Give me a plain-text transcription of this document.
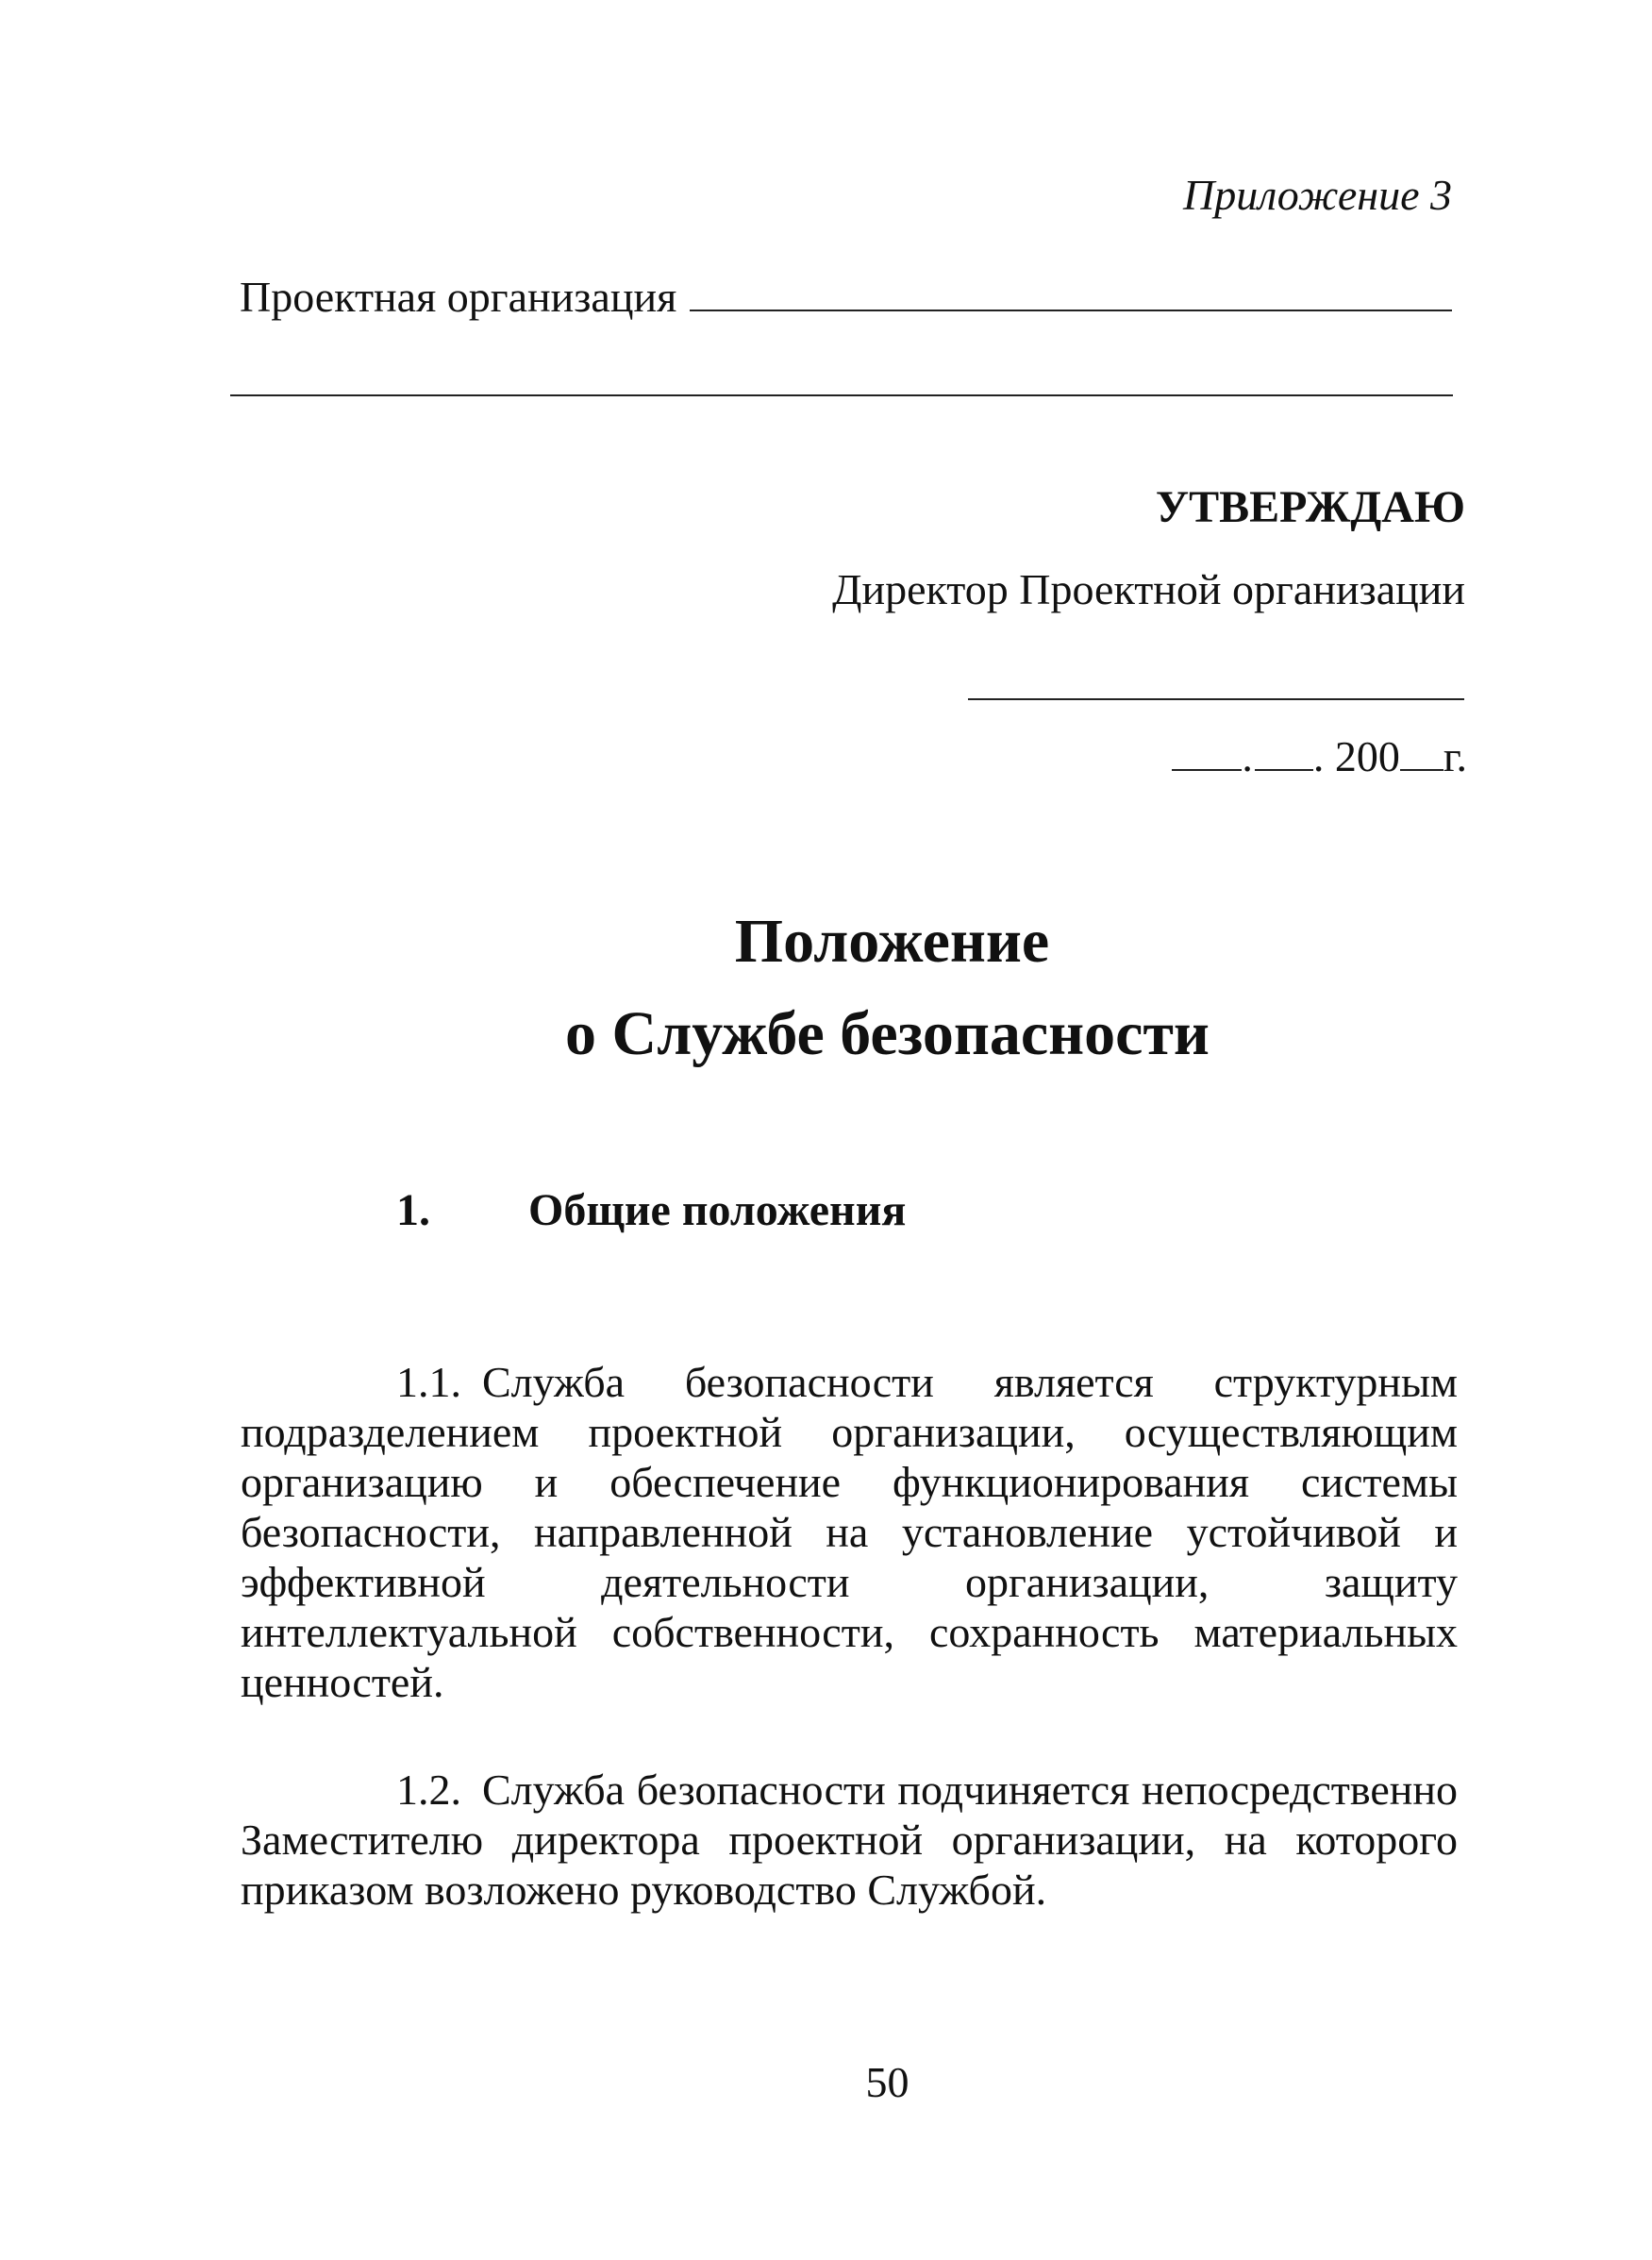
Приложение 3
Проектная организация
УТВЕРЖДАЮ
Директор Проектной организации
. . 200 г.
Положение
о Службе безопасности
1.	Общие положения

1.1. Служба безопасности является структурным подразделением проектной организации, осуществляющим организацию и обеспечение функционирования системы безопасности, направленной на установление устойчивой и эффективной деятельности организации, защиту интеллектуальной собственности, сохранность материальных ценностей.

1.2. Служба безопасности подчиняется непосредственно Заместителю директора проектной организации, на которого приказом возложено руководство Службой.

50
